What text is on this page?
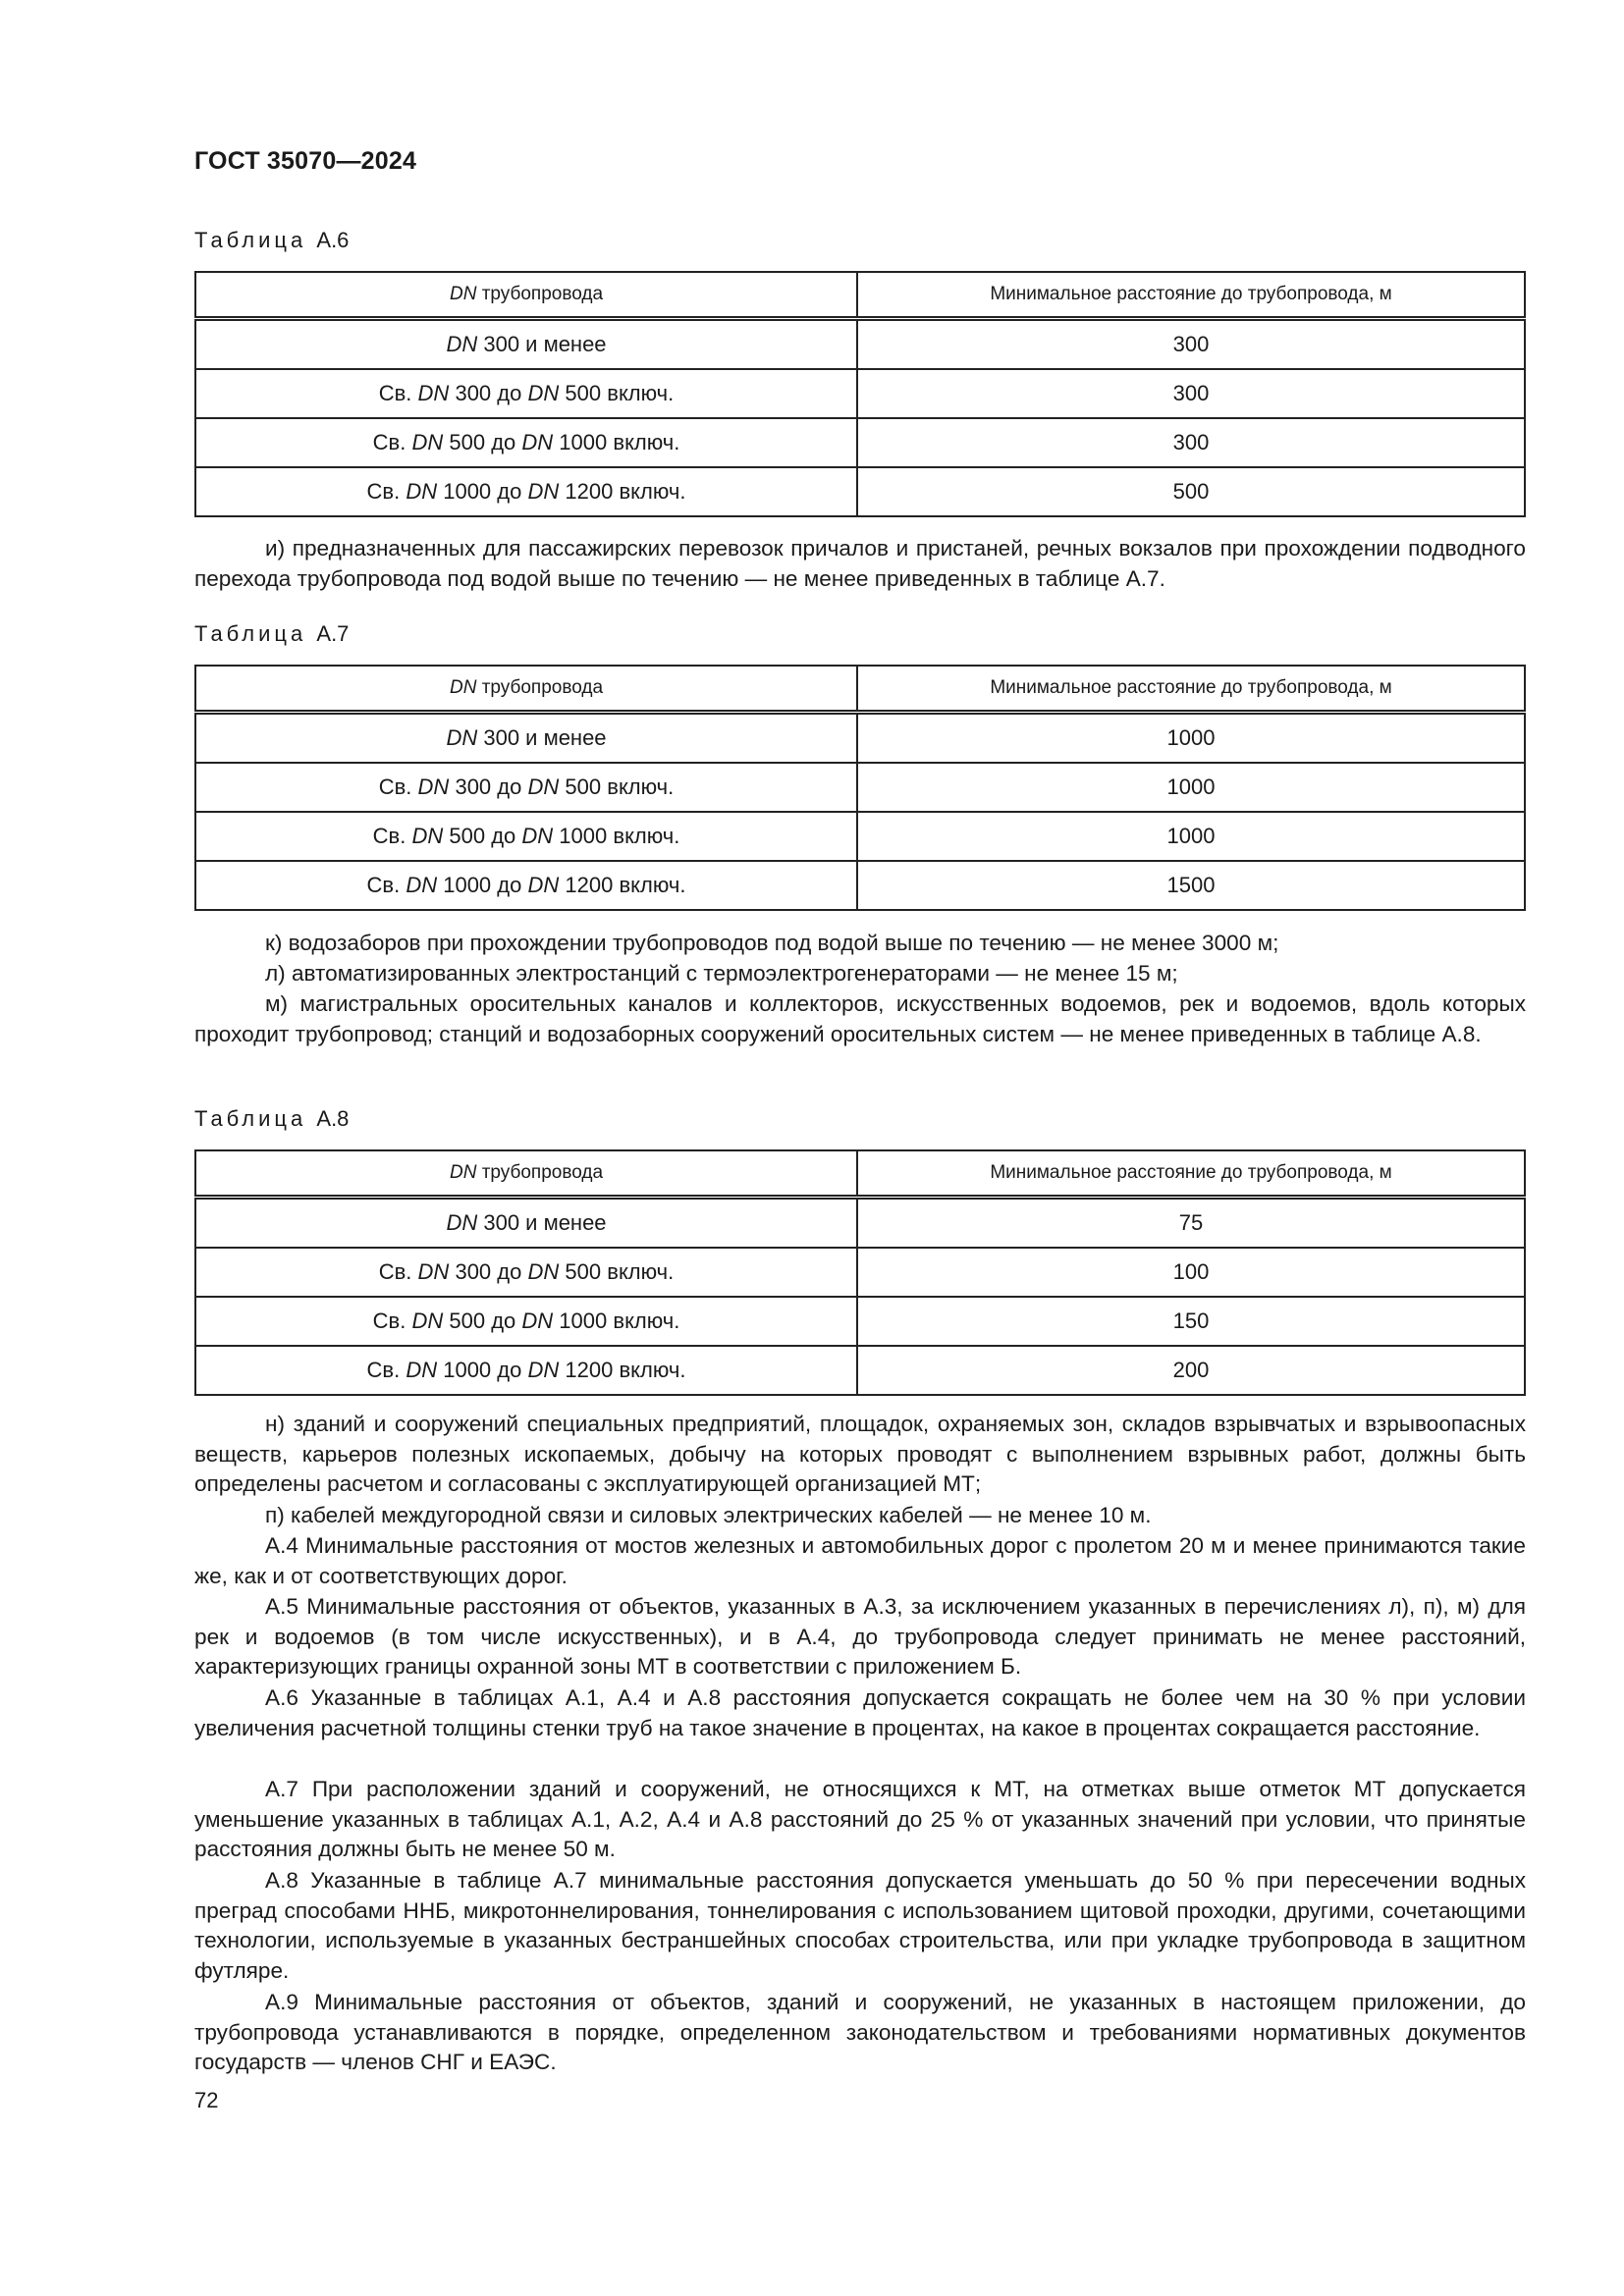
ГОСТ 35070—2024
Таблица А.6
DN трубопровода	Минимальное расстояние до трубопровода, м
DN 300 и менее	300
Св. DN 300 до DN 500 включ.	300
Св. DN 500 до DN 1000 включ.	300
Св. DN 1000 до DN 1200 включ.	500

и) предназначенных для пассажирских перевозок причалов и пристаней, речных вокзалов при прохождении подводного перехода трубопровода под водой выше по течению — не менее приведенных в таблице А.7.

Таблица А.7
DN трубопровода	Минимальное расстояние до трубопровода, м
DN 300 и менее	1000
Св. DN 300 до DN 500 включ.	1000
Св. DN 500 до DN 1000 включ.	1000
Св. DN 1000 до DN 1200 включ.	1500

к) водозаборов при прохождении трубопроводов под водой выше по течению — не менее 3000 м;

л) автоматизированных электростанций с термоэлектрогенераторами — не менее 15 м;

м) магистральных оросительных каналов и коллекторов, искусственных водоемов, рек и водоемов, вдоль которых проходит трубопровод; станций и водозаборных сооружений оросительных систем — не менее приведенных в таблице А.8.

Таблица А.8
DN трубопровода	Минимальное расстояние до трубопровода, м
DN 300 и менее	75
Св. DN 300 до DN 500 включ.	100
Св. DN 500 до DN 1000 включ.	150
Св. DN 1000 до DN 1200 включ.	200

н) зданий и сооружений специальных предприятий, площадок, охраняемых зон, складов взрывчатых и взрывоопасных веществ, карьеров полезных ископаемых, добычу на которых проводят с выполнением взрывных работ, должны быть определены расчетом и согласованы с эксплуатирующей организацией МТ;

п) кабелей междугородной связи и силовых электрических кабелей — не менее 10 м.

А.4 Минимальные расстояния от мостов железных и автомобильных дорог с пролетом 20 м и менее принимаются такие же, как и от соответствующих дорог.

А.5 Минимальные расстояния от объектов, указанных в А.3, за исключением указанных в перечислениях л), п), м) для рек и водоемов (в том числе искусственных), и в А.4, до трубопровода следует принимать не менее расстояний, характеризующих границы охранной зоны МТ в соответствии с приложением Б.

А.6 Указанные в таблицах А.1, А.4 и А.8 расстояния допускается сокращать не более чем на 30 % при условии увеличения расчетной толщины стенки труб на такое значение в процентах, на какое в процентах сокращается расстояние.

А.7 При расположении зданий и сооружений, не относящихся к МТ, на отметках выше отметок МТ допускается уменьшение указанных в таблицах А.1, А.2, А.4 и А.8 расстояний до 25 % от указанных значений при условии, что принятые расстояния должны быть не менее 50 м.

А.8 Указанные в таблице А.7 минимальные расстояния допускается уменьшать до 50 % при пересечении водных преград способами ННБ, микротоннелирования, тоннелирования с использованием щитовой проходки, другими, сочетающими технологии, используемые в указанных бестраншейных способах строительства, или при укладке трубопровода в защитном футляре.

А.9 Минимальные расстояния от объектов, зданий и сооружений, не указанных в настоящем приложении, до трубопровода устанавливаются в порядке, определенном законодательством и требованиями нормативных документов государств — членов СНГ и ЕАЭС.

72
